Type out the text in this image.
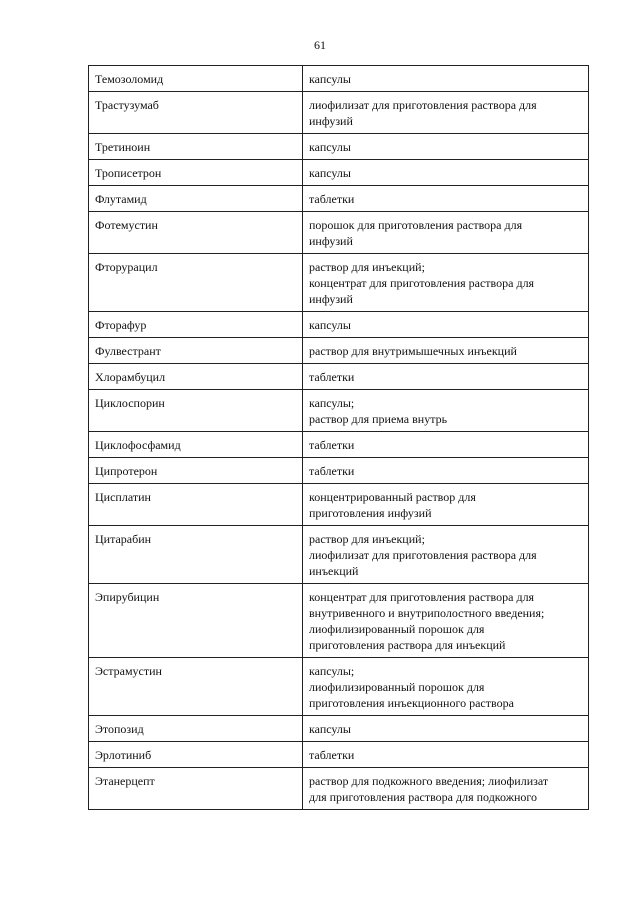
61
Темозоломид	капсулы
Трастузумаб	лиофилизат для приготовления раствора для
инфузий
Третиноин	капсулы
Трописетрон	капсулы
Флутамид	таблетки
Фотемустин	порошок для приготовления раствора для
инфузий
Фторурацил	раствор для инъекций;
концентрат для приготовления раствора для
инфузий
Фторафур	капсулы
Фулвестрант	раствор для внутримышечных инъекций
Хлорамбуцил	таблетки
Циклоспорин	капсулы;
раствор для приема внутрь
Циклофосфамид	таблетки
Ципротерон	таблетки
Цисплатин	концентрированный раствор для
приготовления инфузий
Цитарабин	раствор для инъекций;
лиофилизат для приготовления раствора для
инъекций
Эпирубицин	концентрат для приготовления раствора для
внутривенного и внутриполостного введения;
лиофилизированный порошок для
приготовления раствора для инъекций
Эстрамустин	капсулы;
лиофилизированный порошок для
приготовления инъекционного раствора
Этопозид	капсулы
Эрлотиниб	таблетки
Этанерцепт	раствор для подкожного введения; лиофилизат
для приготовления раствора для подкожного
